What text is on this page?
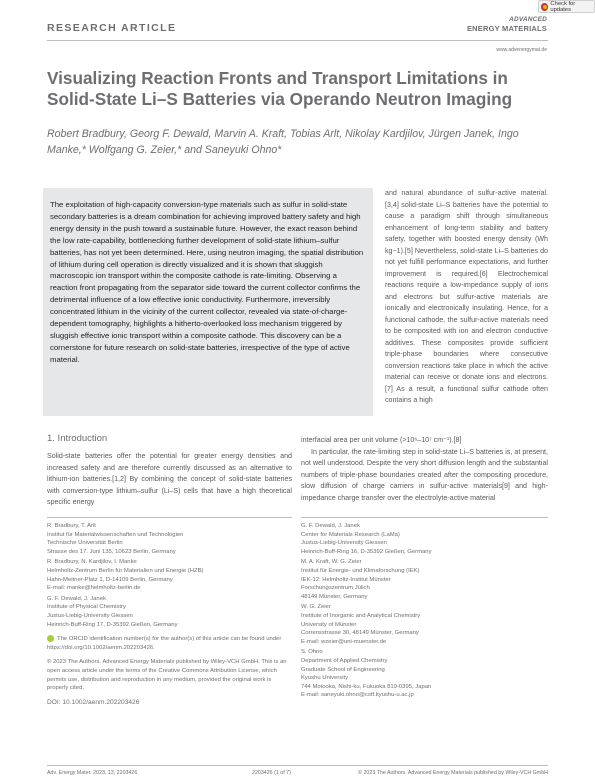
RESEARCH ARTICLE
Check for updates
ADVANCED
ENERGY MATERIALS
www.advenergymat.de
Visualizing Reaction Fronts and Transport Limitations in Solid-State Li–S Batteries via Operando Neutron Imaging
Robert Bradbury, Georg F. Dewald, Marvin A. Kraft, Tobias Arlt, Nikolay Kardjilov, Jürgen Janek, Ingo Manke,* Wolfgang G. Zeier,* and Saneyuki Ohno*
The exploitation of high-capacity conversion-type materials such as sulfur in solid-state secondary batteries is a dream combination for achieving improved battery safety and high energy density in the push toward a sustainable future. However, the exact reason behind the low rate-capability, bottlenecking further development of solid-state lithium–sulfur batteries, has not yet been determined. Here, using neutron imaging, the spatial distribution of lithium during cell operation is directly visualized and it is shown that sluggish macroscopic ion transport within the composite cathode is rate-limiting. Observing a reaction front propagating from the separator side toward the current collector confirms the detrimental influence of a low effective ionic conductivity. Furthermore, irreversibly concentrated lithium in the vicinity of the current collector, revealed via state-of-charge-dependent tomography, highlights a hitherto-overlooked loss mechanism triggered by sluggish effective ionic transport within a composite cathode. This discovery can be a cornerstone for future research on solid-state batteries, irrespective of the type of active material.
and natural abundance of sulfur-active material.[3,4] solid-state Li–S batteries have the potential to cause a paradigm shift through simultaneous enhancement of long-term stability and battery safety, together with boosted energy density (Wh kg−1).[5] Nevertheless, solid-state Li–S batteries do not yet fulfill performance expectations, and further improvement is required.[6] Electrochemical reactions require a low-impedance supply of ions and electrons but sulfur-active materials are ionically and electronically insulating. Hence, for a functional cathode, the sulfur-active materials need to be composited with ion and electron conductive additives. These composites provide sufficient triple-phase boundaries where consecutive conversion reactions take place in which the active material can receive or donate ions and electrons.[7] As a result, a functional sulfur cathode often contains a high
1. Introduction
Solid-state batteries offer the potential for greater energy densities and increased safety and are therefore currently discussed as an alternative to lithium-ion batteries.[1,2] By combining the concept of solid-state batteries with conversion-type lithium–sulfur (Li–S) cells that have a high theoretical specific energy

interfacial area per unit volume (>10⁶–10⁷ cm⁻¹).[8]

In particular, the rate-limiting step in solid-state Li–S batteries is, at present, not well understood. Despite the very short diffusion length and the substantial numbers of triple-phase boundaries created after the compositing procedure, slow diffusion of charge carriers in sulfur-active materials[9] and high-impedance charge transfer over the electrolyte-active material

R. Bradbury, T. Arlt

Institut für Materialwissenschaften und Technologien

Technische Universität Berlin

Strasse des 17. Juni 135, 10623 Berlin, Germany

R. Bradbury, N. Kardjilov, I. Manke

Helmholtz-Zentrum Berlin für Materialien und Energie (HZB)

Hahn-Meitner-Platz 1, D-14109 Berlin, Germany

E-mail: manke@helmholtz-berlin.de

G. F. Dewald, J. Janek

Institute of Physical Chemistry

Justus-Liebig-University Giessen

Heinrich-Buff-Ring 17, D-35392 Gießen, Germany

The ORCID identification number(s) for the author(s) of this article can be found under https://doi.org/10.1002/aenm.202203426.

© 2023 The Authors. Advanced Energy Materials published by Wiley-VCH GmbH. This is an open access article under the terms of the Creative Commons Attribution License, which permits use, distribution and reproduction in any medium, provided the original work is properly cited.

DOI: 10.1002/aenm.202203426

G. F. Dewald, J. Janek

Center for Materials Research (LaMa)

Justus-Liebig-University Giessen

Heinrich-Buff-Ring 16, D-35392 Gießen, Germany

M. A. Kraft, W. G. Zeier

Institut für Energie- und Klimaforschung (IEK)

IEK-12: Helmholtz-Institut Münster

Forschungszentrum Jülich

48149 Münster, Germany

W. G. Zeier

Institute of Inorganic and Analytical Chemistry

University of Münster

Corrensstrasse 30, 48149 Münster, Germany

E-mail: wzeier@uni-muenster.de

S. Ohno

Department of Applied Chemistry

Graduate School of Engineering

Kyushu University

744 Motooka, Nishi-ku, Fukuoka 819-0395, Japan

E-mail: saneyuki.ohno@cstf.kyushu-u.ac.jp

Adv. Energy Mater. 2023, 13, 2203426	2203426 (1 of 7)	© 2023 The Authors. Advanced Energy Materials published by Wiley-VCH GmbH
